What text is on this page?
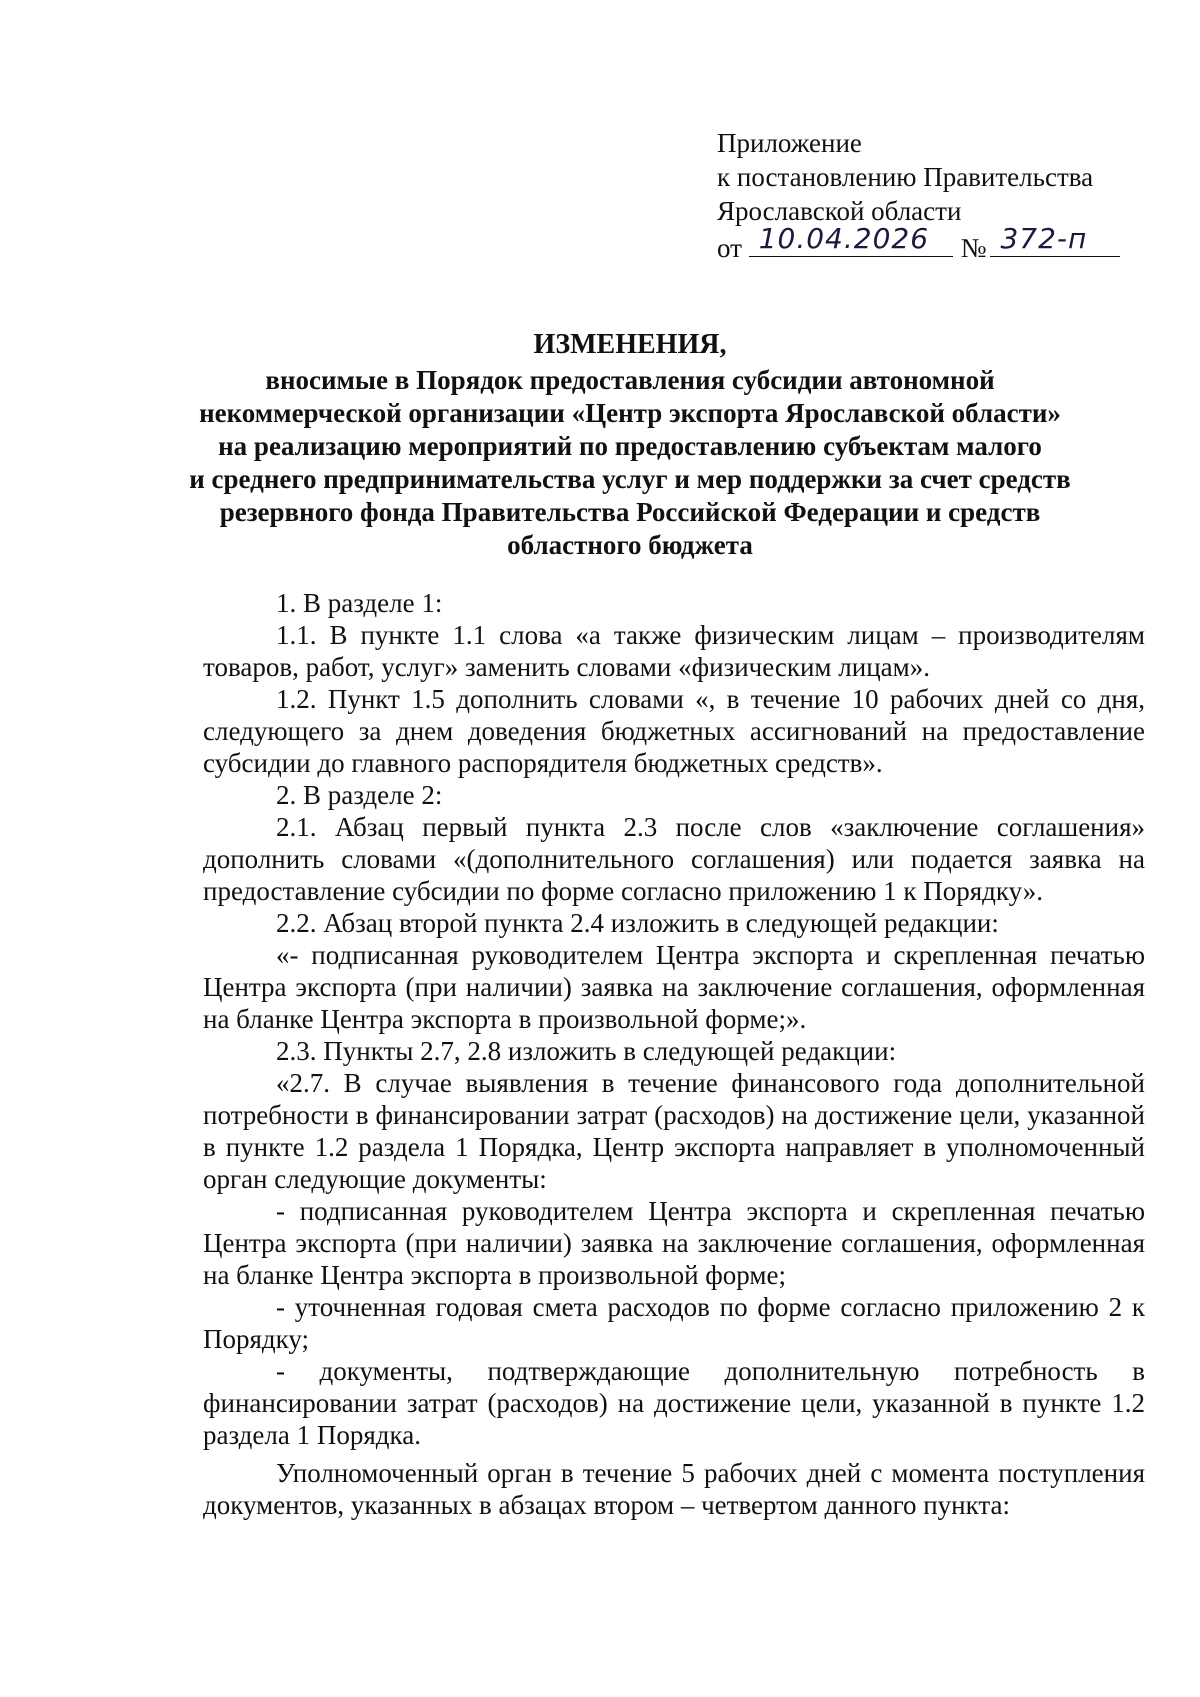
Приложение
к постановлению Правительства
Ярославской области
от 10.04.2026 № 372-п
ИЗМЕНЕНИЯ,
вносимые в Порядок предоставления субсидии автономной
некоммерческой организации «Центр экспорта Ярославской области»
на реализацию мероприятий по предоставлению субъектам малого
и среднего предпринимательства услуг и мер поддержки за счет средств
резервного фонда Правительства Российской Федерации и средств
областного бюджета

1. В разделе 1:

1.1. В пункте 1.1 слова «а также физическим лицам – производителям товаров, работ, услуг» заменить словами «физическим лицам».

1.2. Пункт 1.5 дополнить словами «, в течение 10 рабочих дней со дня, следующего за днем доведения бюджетных ассигнований на предоставление субсидии до главного распорядителя бюджетных средств».

2. В разделе 2:

2.1. Абзац первый пункта 2.3 после слов «заключение соглашения» дополнить словами «(дополнительного соглашения) или подается заявка на предоставление субсидии по форме согласно приложению 1 к Порядку».

2.2. Абзац второй пункта 2.4 изложить в следующей редакции:

«- подписанная руководителем Центра экспорта и скрепленная печатью Центра экспорта (при наличии) заявка на заключение соглашения, оформленная на бланке Центра экспорта в произвольной форме;».

2.3. Пункты 2.7, 2.8 изложить в следующей редакции:

«2.7. В случае выявления в течение финансового года дополнительной потребности в финансировании затрат (расходов) на достижение цели, указанной в пункте 1.2 раздела 1 Порядка, Центр экспорта направляет в уполномоченный орган следующие документы:

- подписанная руководителем Центра экспорта и скрепленная печатью Центра экспорта (при наличии) заявка на заключение соглашения, оформленная на бланке Центра экспорта в произвольной форме;

- уточненная годовая смета расходов по форме согласно приложению 2 к Порядку;

- документы, подтверждающие дополнительную потребность в финансировании затрат (расходов) на достижение цели, указанной в пункте 1.2 раздела 1 Порядка.

Уполномоченный орган в течение 5 рабочих дней с момента поступления документов, указанных в абзацах втором – четвертом данного пункта:
